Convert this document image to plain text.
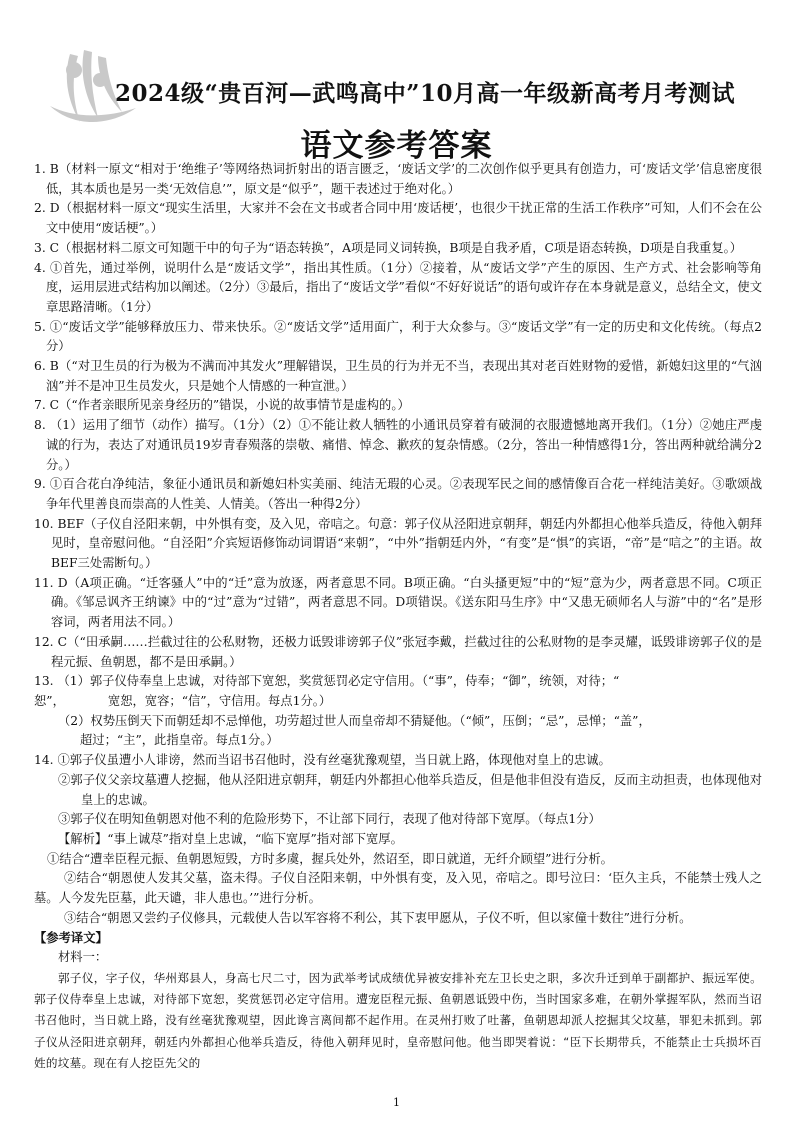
2024级“贵百河—武鸣高中”10月高一年级新高考月考测试
语文参考答案

1. B（材料一原文“相对于‘绝维子’等网络热词折射出的语言匮乏，‘废话文学’的二次创作似乎更具有创造力，可‘废话文学’信息密度很低，其本质也是另一类‘无效信息’”，原文是“似乎”，题干表述过于绝对化。）

2. D（根据材料一原文“现实生活里，大家并不会在文书或者合同中用‘废话梗’，也很少干扰正常的生活工作秩序”可知，人们不会在公文中使用“废话梗”。）

3. C（根据材料二原文可知题干中的句子为“语态转换”，A项是同义词转换，B项是自我矛盾，C项是语态转换，D项是自我重复。）

4. ①首先，通过举例，说明什么是“废话文学”，指出其性质。（1分）②接着，从“废话文学”产生的原因、生产方式、社会影响等角度，运用层进式结构加以阐述。（2分）③最后，指出了“废话文学”看似“不好好说话”的语句或许存在本身就是意义，总结全文，使文章思路清晰。（1分）

5. ①“废话文学”能够释放压力、带来快乐。②“废话文学”适用面广，利于大众参与。③“废话文学”有一定的历史和文化传统。（每点2分）

6. B（“对卫生员的行为极为不满而冲其发火”理解错误，卫生员的行为并无不当，表现出其对老百姓财物的爱惜，新媳妇这里的“气汹汹”并不是冲卫生员发火，只是她个人情感的一种宣泄。）

7. C（“作者亲眼所见亲身经历的”错误，小说的故事情节是虚构的。）

8. （1）运用了细节（动作）描写。（1分）（2）①不能让救人牺牲的小通讯员穿着有破洞的衣服遗憾地离开我们。（1分）②她庄严虔诚的行为，表达了对通讯员19岁青春殒落的崇敬、痛惜、悼念、歉疚的复杂情感。（2分，答出一种情感得1分，答出两种就给满分2分。）

9. ①百合花白净纯洁，象征小通讯员和新媳妇朴实美丽、纯洁无瑕的心灵。②表现军民之间的感情像百合花一样纯洁美好。③歌颂战争年代里善良而崇高的人性美、人情美。（答出一种得2分）

10. BEF（子仪自泾阳来朝，中外惧有变，及入见，帝唁之。句意：郭子仪从泾阳进京朝拜，朝廷内外都担心他举兵造反，待他入朝拜见时，皇帝慰问他。“自泾阳”介宾短语修饰动词谓语“来朝”，“中外”指朝廷内外，“有变”是“惧”的宾语，“帝”是“唁之”的主语。故BEF三处需断句。）

11. D（A项正确。“迁客骚人”中的“迁”意为放逐，两者意思不同。B项正确。“白头搔更短”中的“短”意为少，两者意思不同。C项正确。《邹忌讽齐王纳谏》中的“过”意为“过错”，两者意思不同。D项错误。《送东阳马生序》中“又患无硕师名人与游”中的“名”是形容词，两者用法不同。）

12. C（“田承嗣……拦截过往的公私财物，还极力诋毁诽谤郭子仪”张冠李戴，拦截过往的公私财物的是李灵耀，诋毁诽谤郭子仪的是程元振、鱼朝恩，都不是田承嗣。）

13. （1）郭子仪侍奉皇上忠诚，对待部下宽恕，奖赏惩罚必定守信用。（“事”，侍奉；“御”，统领，对待；“

恕”，　　　　宽恕，宽容；“信”，守信用。每点1分。）

（2）权势压倒天下而朝廷却不忌惮他，功劳超过世人而皇帝却不猜疑他。（“倾”，压倒；“忌”，忌惮；“盖”，

超过；“主”，此指皇帝。每点1分。）

14. ①郭子仪虽遭小人诽谤，然而当诏书召他时，没有丝毫犹豫观望，当日就上路，体现他对皇上的忠诚。

②郭子仪父亲坟墓遭人挖掘，他从泾阳进京朝拜，朝廷内外都担心他举兵造反，但是他非但没有造反，反而主动担责，也体现他对皇上的忠诚。

③郭子仪在明知鱼朝恩对他不利的危险形势下，不让部下同行，表现了他对待部下宽厚。（每点1分）

【解析】“事上诚荩”指对皇上忠诚，“临下宽厚”指对部下宽厚。

①结合“遭幸臣程元振、鱼朝恩短毁，方时多虞，握兵处外，然诏至，即日就道，无纤介顾望”进行分析。

②结合“朝恩使人发其父墓，盗未得。子仪自泾阳来朝，中外惧有变，及入见，帝唁之。即号泣曰：‘臣久主兵，不能禁士残人之墓。人今发先臣墓，此天谴，非人患也。’”进行分析。

③结合“朝恩又尝约子仪修具，元载使人告以军容将不利公，其下衷甲愿从，子仪不听，但以家僮十数往”进行分析。

【参考译文】

材料一：

郭子仪，字子仪，华州郑县人，身高七尺二寸，因为武举考试成绩优异被安排补充左卫长史之职，多次升迁到单于副都护、振远军使。郭子仪侍奉皇上忠诚，对待部下宽恕，奖赏惩罚必定守信用。遭宠臣程元振、鱼朝恩诋毁中伤，当时国家多难，在朝外掌握军队，然而当诏书召他时，当日就上路，没有丝毫犹豫观望，因此谗言离间都不起作用。在灵州打败了吐蕃，鱼朝恩却派人挖掘其父坟墓，罪犯未抓到。郭子仪从泾阳进京朝拜，朝廷内外都担心他举兵造反，待他入朝拜见时，皇帝慰问他。他当即哭着说：“臣下长期带兵，不能禁止士兵损坏百姓的坟墓。现在有人挖臣先父的

1
